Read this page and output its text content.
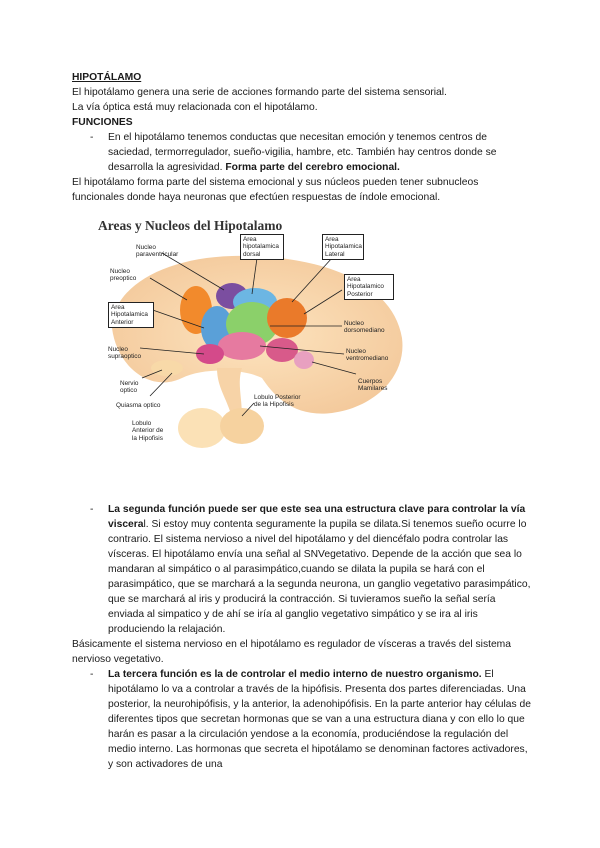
HIPOTÁLAMO

El hipotálamo genera una serie de acciones formando parte del sistema sensorial.

La vía óptica está muy relacionada con el hipotálamo.

FUNCIONES

- En el hipotálamo tenemos conductas que necesitan emoción y tenemos centros de saciedad, termorregulador, sueño-vigilia, hambre, etc. También hay centros donde se desarrolla la agresividad. Forma parte del cerebro emocional.

El hipotálamo forma parte del sistema emocional y sus núcleos pueden tener subnucleos funcionales donde haya neuronas que efectúen respuestas de índole emocional.

Areas y Nucleos del Hipotalamo
Nucleo paraventricular
Nucleo preoptico
Area Hipotalamica Anterior
Nucleo supraoptico
Nervio optico
Quiasma optico
Lobulo Anterior de la Hipofisis
Area hipotalamica dorsal
Area Hipotalamica Lateral
Area Hipotalamico Posterior
Nucleo dorsomediano
Nucleo ventromediano
Cuerpos Mamilares
Lobulo Posterior de la Hipofisis
- La segunda función puede ser que este sea una estructura clave para controlar la vía visceral. Si estoy muy contenta seguramente la pupila se dilata.Si tenemos sueño ocurre lo contrario. El sistema nervioso a nivel del hipotálamo y del diencéfalo podra controlar las vísceras. El hipotálamo envía una señal al SNVegetativo. Depende de la acción que sea lo mandaran al simpático o al parasimpático,cuando se dilata la pupila se hará con el parasimpático, que se marchará a la segunda neurona, un ganglio vegetativo parasimpático, que se marchará al iris y producirá la contracción. Si tuvieramos sueño la señal sería enviada al simpatico y de ahí se iría al ganglio vegetativo simpático y se ira al iris produciendo la relajación.

Básicamente el sistema nervioso en el hipotálamo es regulador de vísceras a través del sistema nervioso vegetativo.

- La tercera función es la de controlar el medio interno de nuestro organismo. El hipotálamo lo va a controlar a través de la hipófisis. Presenta dos partes diferenciadas. Una posterior, la neurohipófisis, y la anterior, la adenohipófisis. En la parte anterior hay células de diferentes tipos que secretan hormonas que se van a una estructura diana y con ello lo que harán es pasar a la circulación yendose a la economía, produciéndose la regulación del medio interno. Las hormonas que secreta el hipotálamo se denominan factores activadores, y son activadores de una
